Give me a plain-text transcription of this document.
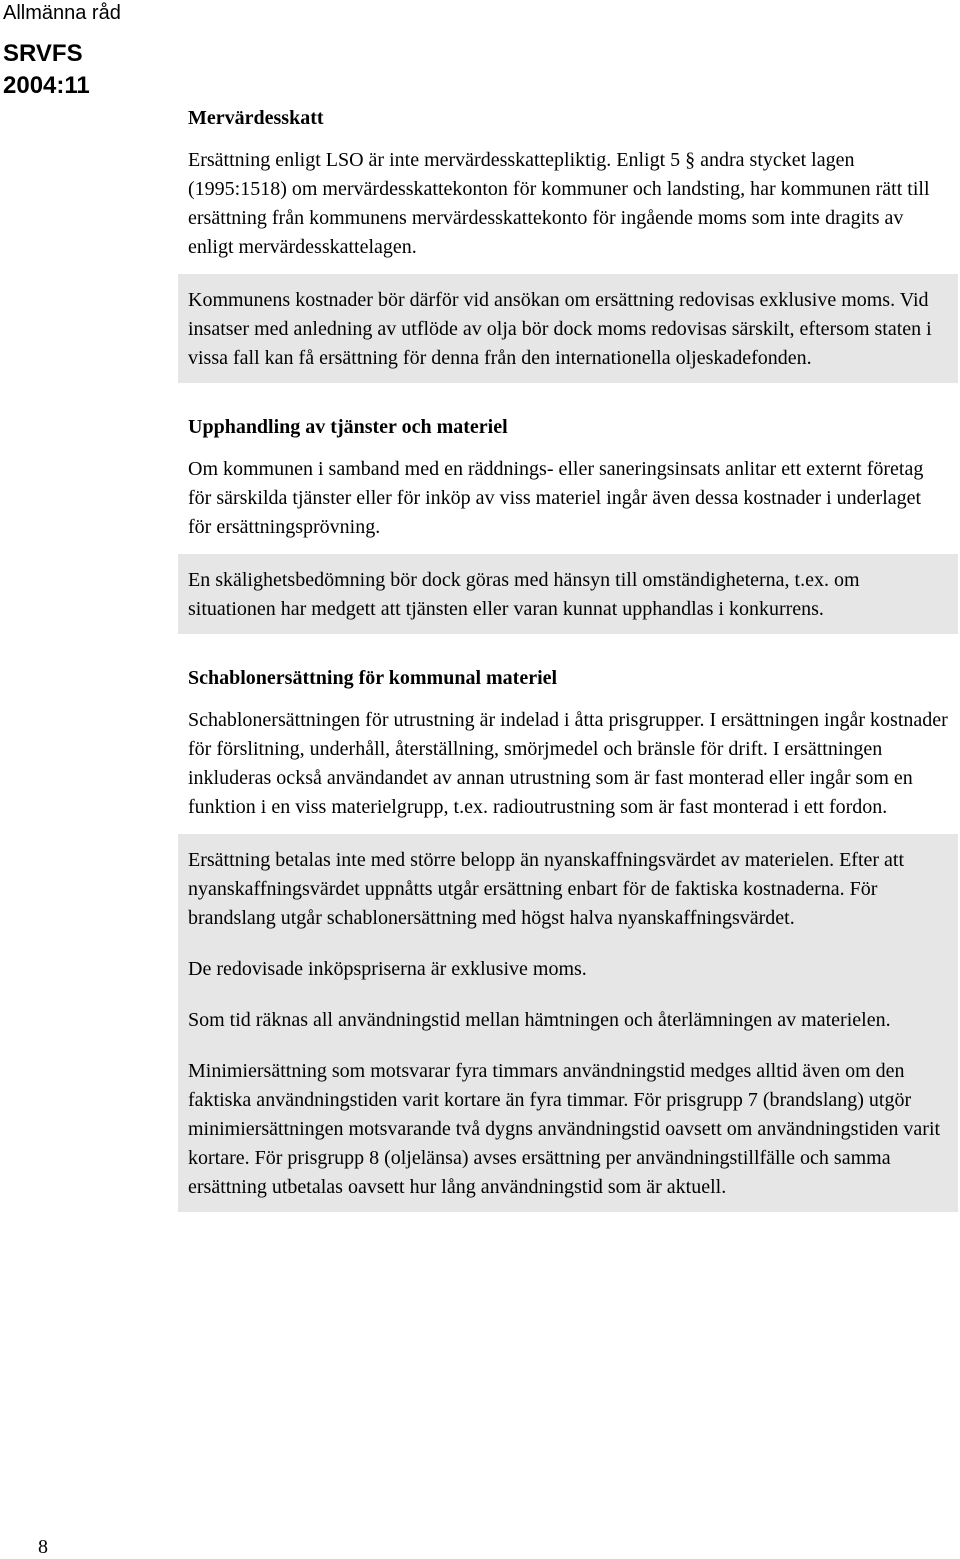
Allmänna råd
SRVFS
2004:11
Mervärdesskatt
Ersättning enligt LSO är inte mervärdesskattepliktig. Enligt 5 § andra stycket lagen (1995:1518) om mervärdesskattekonton för kommuner och landsting, har kommunen rätt till ersättning från kommunens mervärdesskattekonto för ingående moms som inte dragits av enligt mervärdesskattelagen.
Kommunens kostnader bör därför vid ansökan om ersättning redovisas exklusive moms. Vid insatser med anledning av utflöde av olja bör dock moms redovisas särskilt, eftersom staten i vissa fall kan få ersättning för denna från den internationella oljeskadefonden.
Upphandling av tjänster och materiel
Om kommunen i samband med en räddnings- eller saneringsinsats anlitar ett externt företag för särskilda tjänster eller för inköp av viss materiel ingår även dessa kostnader i underlaget för ersättningsprövning.
En skälighetsbedömning bör dock göras med hänsyn till omständigheterna, t.ex. om situationen har medgett att tjänsten eller varan kunnat upphandlas i konkurrens.
Schablonersättning för kommunal materiel
Schablonersättningen för utrustning är indelad i åtta prisgrupper. I ersättningen ingår kostnader för förslitning, underhåll, återställning, smörjmedel och bränsle för drift. I ersättningen inkluderas också användandet av annan utrustning som är fast monterad eller ingår som en funktion i en viss materielgrupp, t.ex. radioutrustning som är fast monterad i ett fordon.
Ersättning betalas inte med större belopp än nyanskaffningsvärdet av materielen. Efter att nyanskaffningsvärdet uppnåtts utgår ersättning enbart för de faktiska kostnaderna. För brandslang utgår schablonersättning med högst halva nyanskaffningsvärdet.
De redovisade inköpspriserna är exklusive moms.
Som tid räknas all användningstid mellan hämtningen och återlämningen av materielen.
Minimiersättning som motsvarar fyra timmars användningstid medges alltid även om den faktiska användningstiden varit kortare än fyra timmar. För prisgrupp 7 (brandslang) utgör minimiersättningen motsvarande två dygns användningstid oavsett om användningstiden varit kortare. För prisgrupp 8 (oljelänsa) avses ersättning per användningstillfälle och samma ersättning utbetalas oavsett hur lång användningstid som är aktuell.
8
